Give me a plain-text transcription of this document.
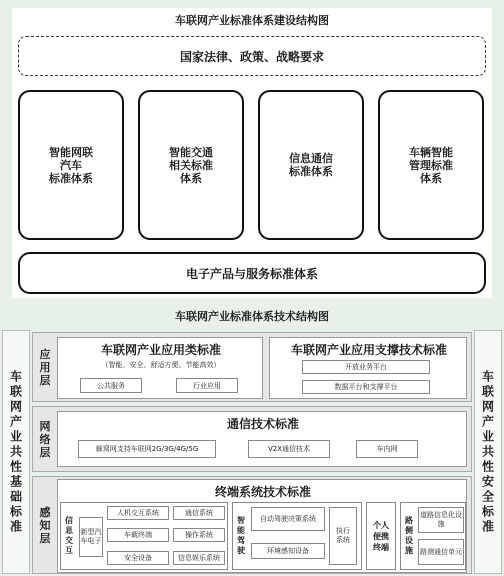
车联网产业标准体系建设结构图
国家法律、政策、战略要求
智能网联
汽车
标准体系
智能交通
相关标准
体系
信息通信
标准体系
车辆智能
管理标准
体系
电子产品与服务标准体系
车联网产业标准体系技术结构图
车联网产业共性基础标准	车联网产业共性安全标准
应用层
车联网产业应用类标准
（智能、安全、舒适方便、节能高效）
公共服务	行业应用
车联网产业应用支撑技术标准
开放业务平台
数据平台和支撑平台
网络层
通信技术标准
蜂窝网支持车联网2G/3G/4G/5G	V2X通信技术	车内网
感知层
终端系统技术标准
信息交互
新型汽车电子
人机交互系统	通信系统
车载终端	操作系统
安全设备	信息娱乐系统
智能驾驶
自动驾驶决策系统
环境感知设备
执行系统
个人便携终端
路侧设施
道路信息化设施
路测通信单元
